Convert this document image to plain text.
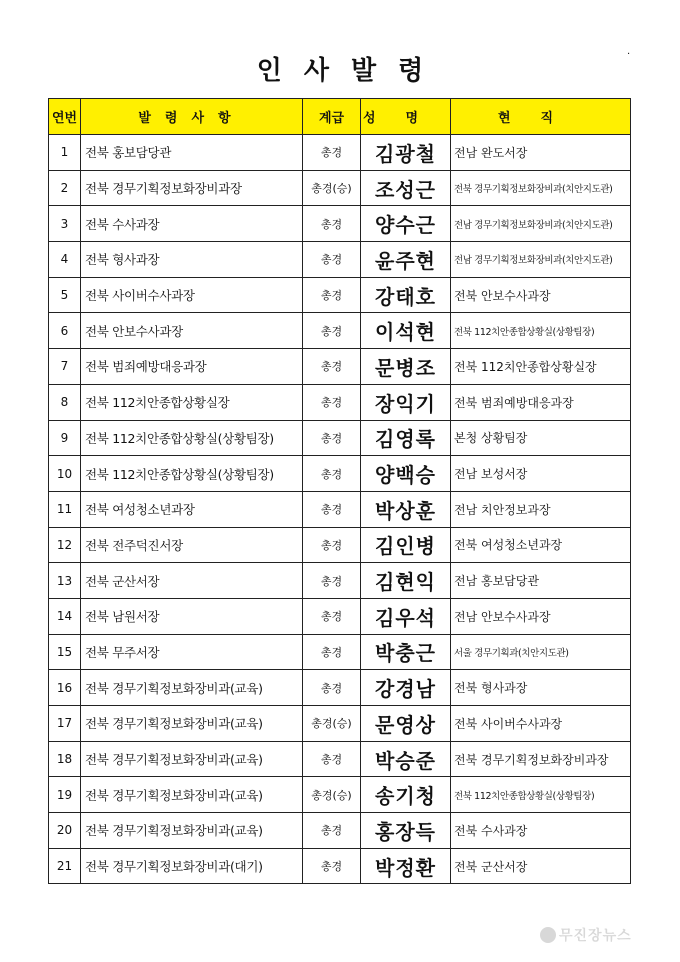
인사발령
.
연번	발령사항	계급	성명	현직
1	전북 홍보담당관	총경	김광철	전남 완도서장
2	전북 경무기획정보화장비과장	총경(승)	조성근	전북 경무기획정보화장비과(치안지도관)
3	전북 수사과장	총경	양수근	전남 경무기획정보화장비과(치안지도관)
4	전북 형사과장	총경	윤주현	전남 경무기획정보화장비과(치안지도관)
5	전북 사이버수사과장	총경	강태호	전북 안보수사과장
6	전북 안보수사과장	총경	이석현	전북 112치안종합상황실(상황팀장)
7	전북 범죄예방대응과장	총경	문병조	전북 112치안종합상황실장
8	전북 112치안종합상황실장	총경	장익기	전북 범죄예방대응과장
9	전북 112치안종합상황실(상황팀장)	총경	김영록	본청 상황팀장
10	전북 112치안종합상황실(상황팀장)	총경	양백승	전남 보성서장
11	전북 여성청소년과장	총경	박상훈	전남 치안정보과장
12	전북 전주덕진서장	총경	김인병	전북 여성청소년과장
13	전북 군산서장	총경	김현익	전남 홍보담당관
14	전북 남원서장	총경	김우석	전남 안보수사과장
15	전북 무주서장	총경	박충근	서울 경무기획과(치안지도관)
16	전북 경무기획정보화장비과(교육)	총경	강경남	전북 형사과장
17	전북 경무기획정보화장비과(교육)	총경(승)	문영상	전북 사이버수사과장
18	전북 경무기획정보화장비과(교육)	총경	박승준	전북 경무기획정보화장비과장
19	전북 경무기획정보화장비과(교육)	총경(승)	송기청	전북 112치안종합상황실(상황팀장)
20	전북 경무기획정보화장비과(교육)	총경	홍장득	전북 수사과장
21	전북 경무기획정보화장비과(대기)	총경	박정환	전북 군산서장
무진장뉴스
